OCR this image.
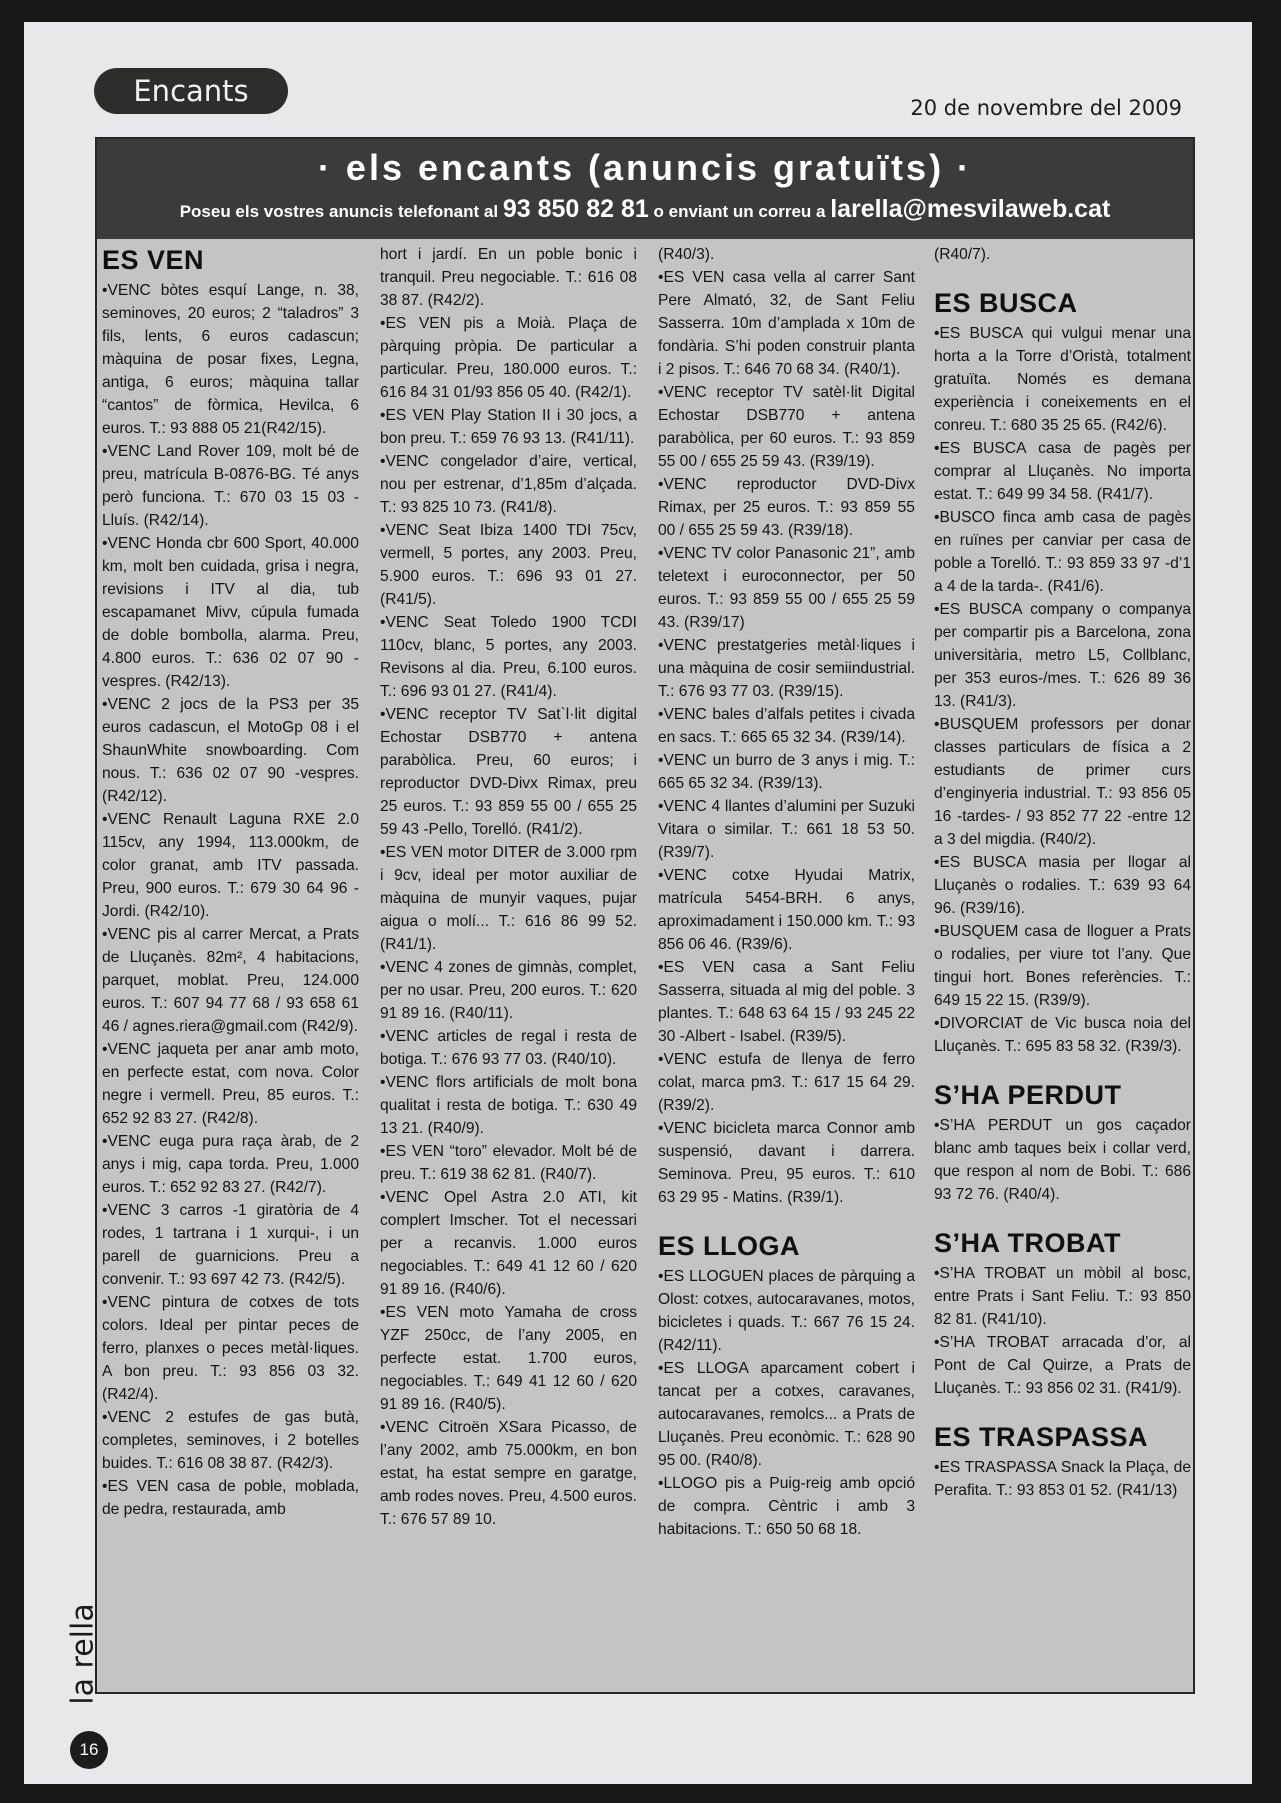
Encants	20 de novembre del 2009
· els encants (anuncis gratuïts) ·
Poseu els vostres anuncis telefonant al 93 850 82 81 o enviant un correu a larella@mesvilaweb.cat
ES VEN

•VENC bòtes esquí Lange, n. 38, seminoves, 20 euros; 2 “taladros” 3 fils, lents, 6 euros cadascun; màquina de posar fixes, Legna, antiga, 6 euros; màquina tallar “cantos” de fòrmica, Hevilca, 6 euros. T.: 93 888 05 21(R42/15).

•VENC Land Rover 109, molt bé de preu, matrícula B-0876-BG. Té anys però funciona. T.: 670 03 15 03 -Lluís. (R42/14).

•VENC Honda cbr 600 Sport, 40.000 km, molt ben cuidada, grisa i negra, revisions i ITV al dia, tub escapamanet Mivv, cúpula fumada de doble bombolla, alarma. Preu, 4.800 euros. T.: 636 02 07 90 -vespres. (R42/13).

•VENC 2 jocs de la PS3 per 35 euros cadascun, el MotoGp 08 i el ShaunWhite snowboarding. Com nous. T.: 636 02 07 90 -vespres. (R42/12).

•VENC Renault Laguna RXE 2.0 115cv, any 1994, 113.000km, de color granat, amb ITV passada. Preu, 900 euros. T.: 679 30 64 96 -Jordi. (R42/10).

•VENC pis al carrer Mercat, a Prats de Lluçanès. 82m², 4 habitacions, parquet, moblat. Preu, 124.000 euros. T.: 607 94 77 68 / 93 658 61 46 / agnes.riera@gmail.com (R42/9).

•VENC jaqueta per anar amb moto, en perfecte estat, com nova. Color negre i vermell. Preu, 85 euros. T.: 652 92 83 27. (R42/8).

•VENC euga pura raça àrab, de 2 anys i mig, capa torda. Preu, 1.000 euros. T.: 652 92 83 27. (R42/7).

•VENC 3 carros -1 giratòria de 4 rodes, 1 tartrana i 1 xurqui-, i un parell de guarnicions. Preu a convenir. T.: 93 697 42 73. (R42/5).

•VENC pintura de cotxes de tots colors. Ideal per pintar peces de ferro, planxes o peces metàl·liques. A bon preu. T.: 93 856 03 32. (R42/4).

•VENC 2 estufes de gas butà, completes, seminoves, i 2 botelles buides. T.: 616 08 38 87. (R42/3).

•ES VEN casa de poble, moblada, de pedra, restaurada, amb

hort i jardí. En un poble bonic i tranquil. Preu negociable. T.: 616 08 38 87. (R42/2).

•ES VEN pis a Moià. Plaça de pàrquing pròpia. De particular a particular. Preu, 180.000 euros. T.: 616 84 31 01/93 856 05 40. (R42/1).

•ES VEN Play Station II i 30 jocs, a bon preu. T.: 659 76 93 13. (R41/11).

•VENC congelador d’aire, vertical, nou per estrenar, d’1,85m d’alçada. T.: 93 825 10 73. (R41/8).

•VENC Seat Ibiza 1400 TDI 75cv, vermell, 5 portes, any 2003. Preu, 5.900 euros. T.: 696 93 01 27. (R41/5).

•VENC Seat Toledo 1900 TCDI 110cv, blanc, 5 portes, any 2003. Revisons al dia. Preu, 6.100 euros. T.: 696 93 01 27. (R41/4).

•VENC receptor TV Sat`l·lit digital Echostar DSB770 + antena parabòlica. Preu, 60 euros; i reproductor DVD-Divx Rimax, preu 25 euros. T.: 93 859 55 00 / 655 25 59 43 -Pello, Torelló. (R41/2).

•ES VEN motor DITER de 3.000 rpm i 9cv, ideal per motor auxiliar de màquina de munyir vaques, pujar aigua o molí... T.: 616 86 99 52. (R41/1).

•VENC 4 zones de gimnàs, complet, per no usar. Preu, 200 euros. T.: 620 91 89 16. (R40/11).

•VENC articles de regal i resta de botiga. T.: 676 93 77 03. (R40/10).

•VENC flors artificials de molt bona qualitat i resta de botiga. T.: 630 49 13 21. (R40/9).

•ES VEN “toro” elevador. Molt bé de preu. T.: 619 38 62 81. (R40/7).

•VENC Opel Astra 2.0 ATI, kit complert Imscher. Tot el necessari per a recanvis. 1.000 euros negociables. T.: 649 41 12 60 / 620 91 89 16. (R40/6).

•ES VEN moto Yamaha de cross YZF 250cc, de l’any 2005, en perfecte estat. 1.700 euros, negociables. T.: 649 41 12 60 / 620 91 89 16. (R40/5).

•VENC Citroën XSara Picasso, de l’any 2002, amb 75.000km, en bon estat, ha estat sempre en garatge, amb rodes noves. Preu, 4.500 euros. T.: 676 57 89 10.

(R40/3).

•ES VEN casa vella al carrer Sant Pere Almató, 32, de Sant Feliu Sasserra. 10m d’amplada x 10m de fondària. S’hi poden construir planta i 2 pisos. T.: 646 70 68 34. (R40/1).

•VENC receptor TV satèl·lit Digital Echostar DSB770 + antena parabòlica, per 60 euros. T.: 93 859 55 00 / 655 25 59 43. (R39/19).

•VENC reproductor DVD-Divx Rimax, per 25 euros. T.: 93 859 55 00 / 655 25 59 43. (R39/18).

•VENC TV color Panasonic 21”, amb teletext i euroconnector, per 50 euros. T.: 93 859 55 00 / 655 25 59 43. (R39/17)

•VENC prestatgeries metàl·liques i una màquina de cosir semiindustrial. T.: 676 93 77 03. (R39/15).

•VENC bales d’alfals petites i civada en sacs. T.: 665 65 32 34. (R39/14).

•VENC un burro de 3 anys i mig. T.: 665 65 32 34. (R39/13).

•VENC 4 llantes d’alumini per Suzuki Vitara o similar. T.: 661 18 53 50. (R39/7).

•VENC cotxe Hyudai Matrix, matrícula 5454-BRH. 6 anys, aproximadament i 150.000 km. T.: 93 856 06 46. (R39/6).

•ES VEN casa a Sant Feliu Sasserra, situada al mig del poble. 3 plantes. T.: 648 63 64 15 / 93 245 22 30 -Albert - Isabel. (R39/5).

•VENC estufa de llenya de ferro colat, marca pm3. T.: 617 15 64 29. (R39/2).

•VENC bicicleta marca Connor amb suspensió, davant i darrera. Seminova. Preu, 95 euros. T.: 610 63 29 95 - Matins. (R39/1).

ES LLOGA

•ES LLOGUEN places de pàrquing a Olost: cotxes, autocaravanes, motos, bicicletes i quads. T.: 667 76 15 24. (R42/11).

•ES LLOGA aparcament cobert i tancat per a cotxes, caravanes, autocaravanes, remolcs... a Prats de Lluçanès. Preu econòmic. T.: 628 90 95 00. (R40/8).

•LLOGO pis a Puig-reig amb opció de compra. Cèntric i amb 3 habitacions. T.: 650 50 68 18.

(R40/7).

ES BUSCA

•ES BUSCA qui vulgui menar una horta a la Torre d’Oristà, totalment gratuïta. Només es demana experiència i coneixements en el conreu. T.: 680 35 25 65. (R42/6).

•ES BUSCA casa de pagès per comprar al Lluçanès. No importa estat. T.: 649 99 34 58. (R41/7).

•BUSCO finca amb casa de pagès en ruïnes per canviar per casa de poble a Torelló. T.: 93 859 33 97 -d’1 a 4 de la tarda-. (R41/6).

•ES BUSCA company o companya per compartir pis a Barcelona, zona universitària, metro L5, Collblanc, per 353 euros-/mes. T.: 626 89 36 13. (R41/3).

•BUSQUEM professors per donar classes particulars de física a 2 estudiants de primer curs d’enginyeria industrial. T.: 93 856 05 16 -tardes- / 93 852 77 22 -entre 12 a 3 del migdia. (R40/2).

•ES BUSCA masia per llogar al Lluçanès o rodalies. T.: 639 93 64 96. (R39/16).

•BUSQUEM casa de lloguer a Prats o rodalies, per viure tot l’any. Que tingui hort. Bones referències. T.: 649 15 22 15. (R39/9).

•DIVORCIAT de Vic busca noia del Lluçanès. T.: 695 83 58 32. (R39/3).

S’HA PERDUT

•S’HA PERDUT un gos caçador blanc amb taques beix i collar verd, que respon al nom de Bobi. T.: 686 93 72 76. (R40/4).

S’HA TROBAT

•S’HA TROBAT un mòbil al bosc, entre Prats i Sant Feliu. T.: 93 850 82 81. (R41/10).

•S’HA TROBAT arracada d’or, al Pont de Cal Quirze, a Prats de Lluçanès. T.: 93 856 02 31. (R41/9).

ES TRASPASSA

•ES TRASPASSA Snack la Plaça, de Perafita. T.: 93 853 01 52. (R41/13)

la rella
16
